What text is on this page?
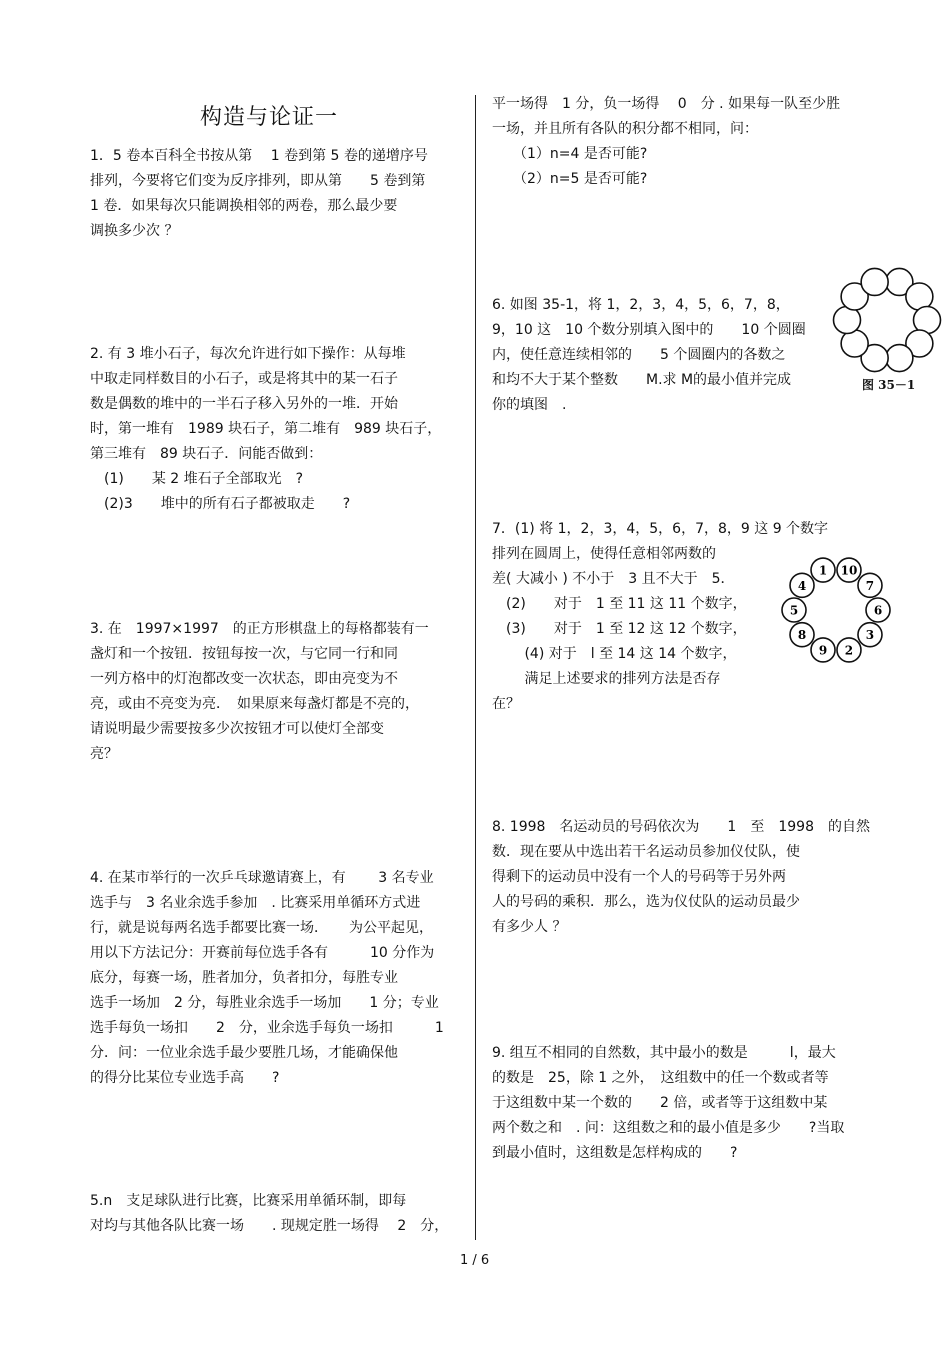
构造与论证一
1．5 卷本百科全书按从第　 1 卷到第 5 卷的递增序号
排列，今要将它们变为反序排列，即从第　　5 卷到第
1 卷．如果每次只能调换相邻的两卷，那么最少要
调换多少次 ？
2. 有 3 堆小石子，每次允许进行如下操作：从每堆
中取走同样数目的小石子，或是将其中的某一石子
数是偶数的堆中的一半石子移入另外的一堆．开始
时，第一堆有　1989 块石子，第二堆有　989 块石子，
第三堆有　89 块石子．问能否做到：
　(1)　　某 2 堆石子全部取光　?
　(2)3　　堆中的所有石子都被取走　　?
3. 在　1997×1997　的正方形棋盘上的每格都装有一
盏灯和一个按钮．按钮每按一次，与它同一行和同
一列方格中的灯泡都改变一次状态，即由亮变为不
亮，或由不亮变为亮．　如果原来每盏灯都是不亮的，
请说明最少需要按多少次按钮才可以使灯全部变
亮？
4. 在某市举行的一次乒乓球邀请赛上，有　　 3 名专业
选手与　3 名业余选手参加　. 比赛采用单循环方式进
行，就是说每两名选手都要比赛一场．　　为公平起见，
用以下方法记分：开赛前每位选手各有　　　10 分作为
底分，每赛一场，胜者加分，负者扣分，每胜专业
选手一场加　2 分，每胜业余选手一场加　　1 分；专业
选手每负一场扣　　2　分，业余选手每负一场扣　　　1
分．问：一位业余选手最少要胜几场，才能确保他
的得分比某位专业选手高　　?
5.n　支足球队进行比赛，比赛采用单循环制，即每
对均与其他各队比赛一场　　. 现规定胜一场得　 2　分，
平一场得　1 分，负一场得　 0　分 . 如果每一队至少胜
一场，并且所有各队的积分都不相同，问：
　　（1）n=4 是否可能?
　　（2）n=5 是否可能?
6. 如图 35-1，将 1，2，3，4，5，6，7，8，
9，10 这　10 个数分别填入图中的　　10 个圆圈
内，使任意连续相邻的　　5 个圆圈内的各数之
和均不大于某个整数　　M.求 M的最小值并完成
你的填图　.
7．(1) 将 1，2，3，4，5，6，7，8，9 这 9 个数字
排列在圆周上，使得任意相邻两数的
差( 大减小 ) 不小于　3 且不大于　5．
　(2)　　对于　1 至 11 这 11 个数字，
　(3)　　对于　1 至 12 这 12 个数字，
　　 (4) 对于　l 至 14 这 14 个数字，
　　 满足上述要求的排列方法是否存
在？
8. 1998　名运动员的号码依次为　　1　至　1998　的自然
数．现在要从中选出若干名运动员参加仪仗队，使
得剩下的运动员中没有一个人的号码等于另外两
人的号码的乘积．那么，选为仪仗队的运动员最少
有多少人 ？
9. 组互不相同的自然数，其中最小的数是　　　l，最大
的数是　25，除 1 之外，　这组数中的任一个数或者等
于这组数中某一个数的　　2 倍，或者等于这组数中某
两个数之和　. 问：这组数之和的最小值是多少　　?当取
到最小值时，这组数是怎样构成的　　?
图 35－1
1 10
7
6
3
2
9
8
5
4
1 / 6
